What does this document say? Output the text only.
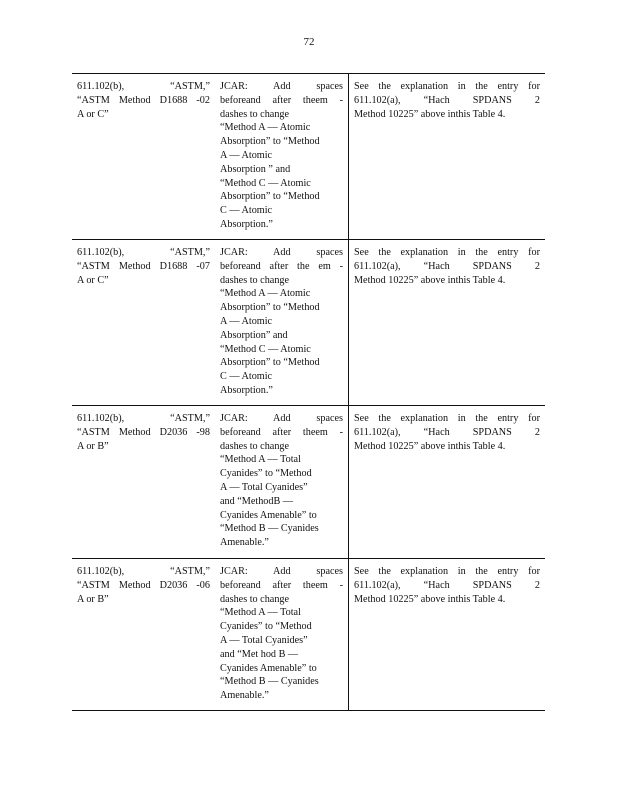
72
611.102(b), “ASTM,”
“ASTM Method D1688 -02
A or C”
JCAR: Add spaces
beforeand after theem -
dashes to change
“Method A — Atomic
Absorption” to “Method
A — Atomic
Absorption ” and
“Method C — Atomic
Absorption” to “Method
C — Atomic
Absorption.”
See the explanation in the entry for
611.102(a), “Hach SPDANS 2
Method 10225” above inthis Table 4.
611.102(b), “ASTM,”
“ASTM Method D1688 -07
A or C”
JCAR: Add spaces
beforeand after the em -
dashes to change
“Method A — Atomic
Absorption” to “Method
A — Atomic
Absorption” and
“Method C — Atomic
Absorption” to “Method
C — Atomic
Absorption.”
See the explanation in the entry for
611.102(a), “Hach SPDANS 2
Method 10225” above inthis Table 4.
611.102(b), “ASTM,”
“ASTM Method D2036 -98
A or B”
JCAR: Add spaces
beforeand after theem -
dashes to change
“Method A — Total
Cyanides” to “Method
A — Total Cyanides”
and “MethodB —
Cyanides Amenable” to
“Method B — Cyanides
Amenable.”
See the explanation in the entry for
611.102(a), “Hach SPDANS 2
Method 10225” above inthis Table 4.
611.102(b), “ASTM,”
“ASTM Method D2036 -06
A or B”
JCAR: Add spaces
beforeand after theem -
dashes to change
“Method A — Total
Cyanides” to “Method
A — Total Cyanides”
and “Met hod B —
Cyanides Amenable” to
“Method B — Cyanides
Amenable.”
See the explanation in the entry for
611.102(a), “Hach SPDANS 2
Method 10225” above inthis Table 4.
